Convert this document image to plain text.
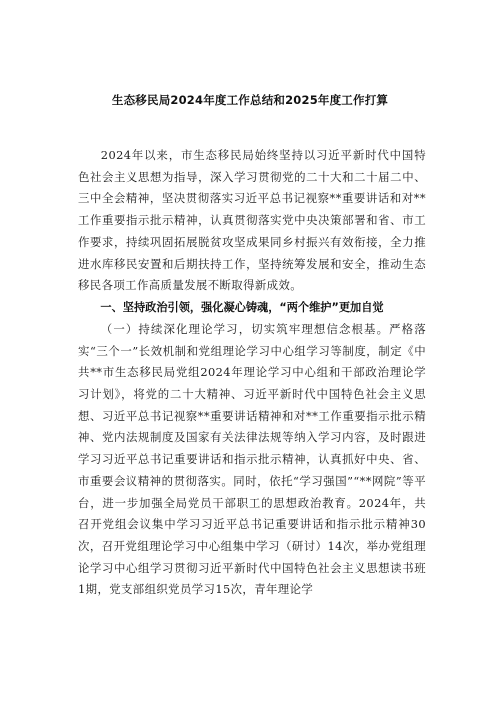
生态移民局2024年度工作总结和2025年度工作打算

2024年以来，市生态移民局始终坚持以习近平新时代中国特色社会主义思想为指导，深入学习贯彻党的二十大和二十届二中、三中全会精神，坚决贯彻落实习近平总书记视察**重要讲话和对**工作重要指示批示精神，认真贯彻落实党中央决策部署和省、市工作要求，持续巩固拓展脱贫攻坚成果同乡村振兴有效衔接，全力推进水库移民安置和后期扶持工作，坚持统筹发展和安全，推动生态移民各项工作高质量发展不断取得新成效。

一、坚持政治引领，强化凝心铸魂，“两个维护”更加自觉

（一）持续深化理论学习，切实筑牢理想信念根基。严格落实“三个一”长效机制和党组理论学习中心组学习等制度，制定《中共**市生态移民局党组2024年理论学习中心组和干部政治理论学习计划》，将党的二十大精神、习近平新时代中国特色社会主义思想、习近平总书记视察**重要讲话精神和对**工作重要指示批示精神、党内法规制度及国家有关法律法规等纳入学习内容，及时跟进学习习近平总书记重要讲话和指示批示精神，认真抓好中央、省、市重要会议精神的贯彻落实。同时，依托“学习强国”“**网院”等平台，进一步加强全局党员干部职工的思想政治教育。2024年，共召开党组会议集中学习习近平总书记重要讲话和指示批示精神30次，召开党组理论学习中心组集中学习（研讨）14次，举办党组理论学习中心组学习贯彻习近平新时代中国特色社会主义思想读书班1期，党支部组织党员学习15次，青年理论学
